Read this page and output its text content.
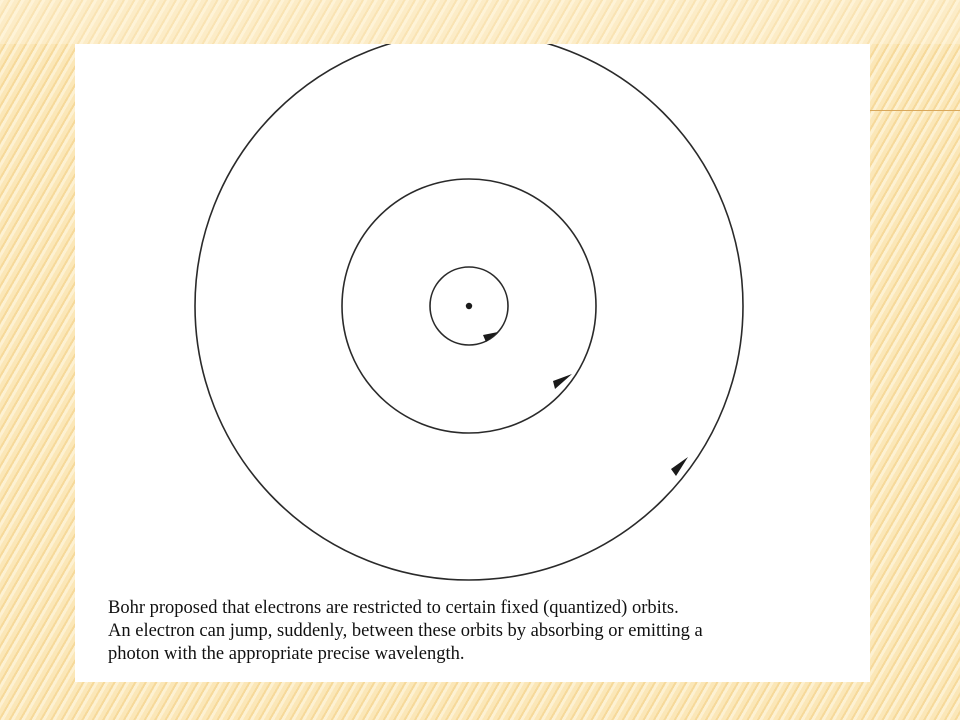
Bohr proposed that electrons are restricted to certain fixed (quantized) orbits.
An electron can jump, suddenly, between these orbits by absorbing or emitting a
photon with the appropriate precise wavelength.
